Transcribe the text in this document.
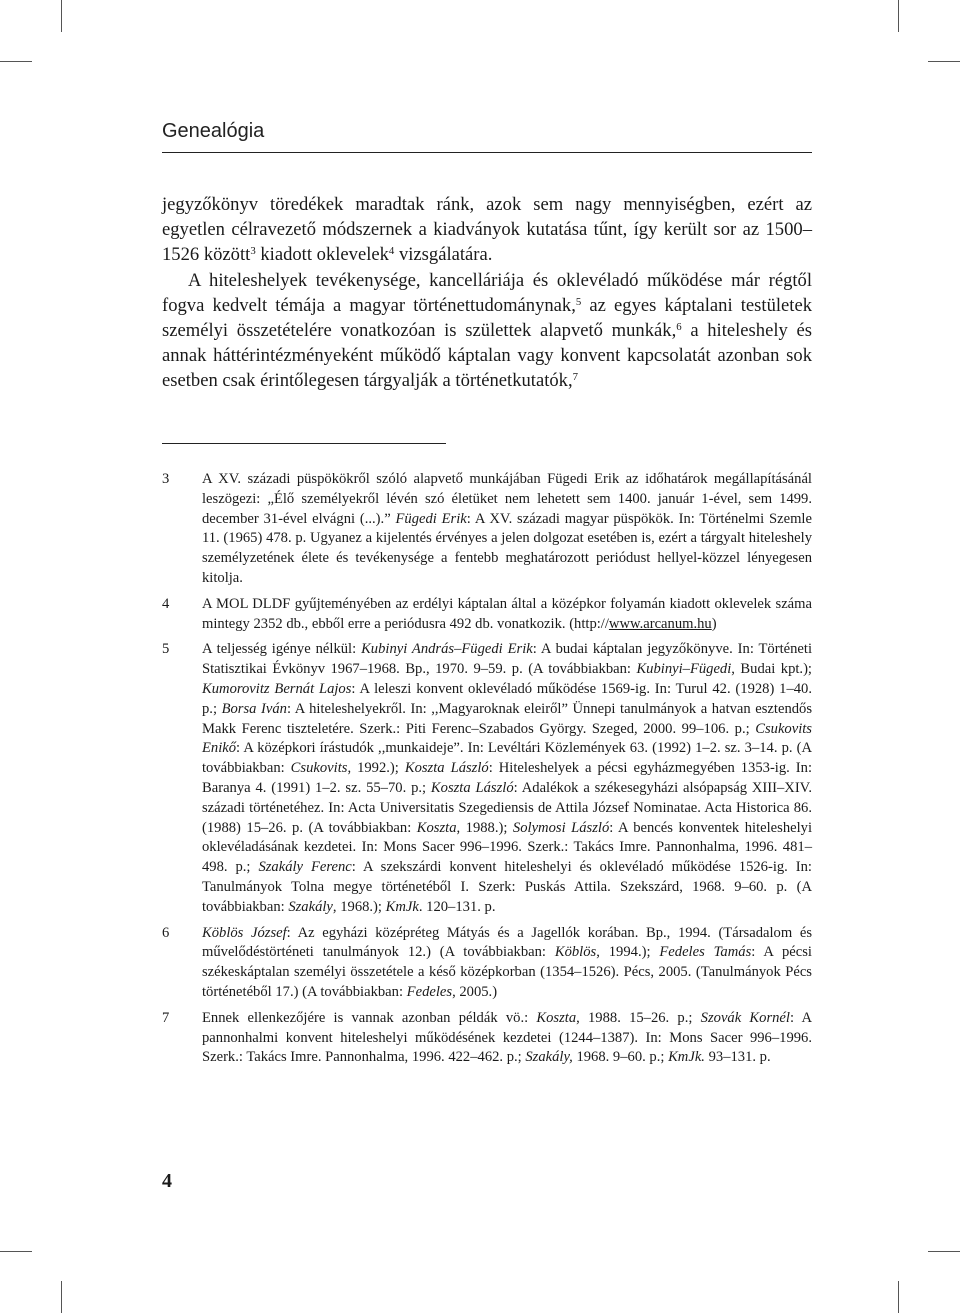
Genealógia

jegyzőkönyv töredékek maradtak ránk, azok sem nagy mennyiségben, ezért az egyetlen célravezető módszernek a kiadványok kutatása tűnt, így került sor az 1500–1526 között$^3$ kiadott oklevelek$^4$ vizsgálatára.

A hiteleshelyek tevékenysége, kancelláriája és oklevéladó működése már régtől fogva kedvelt témája a magyar történettudománynak,$^5$ az egyes káptalani testületek személyi összetételére vonatkozóan is születtek alapvető munkák,$^6$ a hiteleshely és annak háttérintézményeként működő káptalan vagy konvent kapcsolatát azonban sok esetben csak érintőlegesen tárgyalják a történetkutatók,$^7$

3	A XV. századi püspökökről szóló alapvető munkájában Fügedi Erik az időhatárok megállapításánál leszögezi: „Élő személyekről lévén szó életüket nem lehetett sem 1400. január 1-ével, sem 1499. december 31-ével elvágni (...).” Fügedi Erik: A XV. századi magyar püspökök. In: Történelmi Szemle 11. (1965) 478. p. Ugyanez a kijelentés érvényes a jelen dolgozat esetében is, ezért a tárgyalt hiteleshely személyzetének élete és tevékenysége a fentebb meghatározott periódust hellyel-közzel lényegesen kitolja.
4	A MOL DLDF gyűjteményében az erdélyi káptalan által a középkor folyamán kiadott oklevelek száma mintegy 2352 db., ebből erre a periódusra 492 db. vonatkozik. (http://www.arcanum.hu)
5	A teljesség igénye nélkül: Kubinyi András–Fügedi Erik: A budai káptalan jegyzőkönyve. In: Történeti Statisztikai Évkönyv 1967–1968. Bp., 1970. 9–59. p. (A továbbiakban: Kubinyi–Fügedi, Budai kpt.); Kumorovitz Bernát Lajos: A leleszi konvent oklevéladó működése 1569-ig. In: Turul 42. (1928) 1–40. p.; Borsa Iván: A hiteleshelyekről. In: ,,Magyaroknak eleiről” Ünnepi tanulmányok a hatvan esztendős Makk Ferenc tiszteletére. Szerk.: Piti Ferenc–Szabados György. Szeged, 2000. 99–106. p.; Csukovits Enikő: A középkori írástudók ,,munkaideje”. In: Levéltári Közlemények 63. (1992) 1–2. sz. 3–14. p. (A továbbiakban: Csukovits, 1992.); Koszta László: Hiteleshelyek a pécsi egyházmegyében 1353-ig. In: Baranya 4. (1991) 1–2. sz. 55–70. p.; Koszta László: Adalékok a székesegyházi alsópapság XIII–XIV. századi történetéhez. In: Acta Universitatis Szegediensis de Attila József Nominatae. Acta Historica 86. (1988) 15–26. p. (A továbbiakban: Koszta, 1988.); Solymosi László: A bencés konventek hiteleshelyi oklevéladásának kezdetei. In: Mons Sacer 996–1996. Szerk.: Takács Imre. Pannonhalma, 1996. 481–498. p.; Szakály Ferenc: A szekszárdi konvent hiteleshelyi és oklevéladó működése 1526-ig. In: Tanulmányok Tolna megye történetéből I. Szerk: Puskás Attila. Szekszárd, 1968. 9–60. p. (A továbbiakban: Szakály, 1968.); KmJk. 120–131. p.
6	Köblös József: Az egyházi középréteg Mátyás és a Jagellók korában. Bp., 1994. (Társadalom és művelődéstörténeti tanulmányok 12.) (A továbbiakban: Köblös, 1994.); Fedeles Tamás: A pécsi székeskáptalan személyi összetétele a késő középkorban (1354–1526). Pécs, 2005. (Tanulmányok Pécs történetéből 17.) (A továbbiakban: Fedeles, 2005.)
7	Ennek ellenkezőjére is vannak azonban példák vö.: Koszta, 1988. 15–26. p.; Szovák Kornél: A pannonhalmi konvent hiteleshelyi működésének kezdetei (1244–1387). In: Mons Sacer 996–1996. Szerk.: Takács Imre. Pannonhalma, 1996. 422–462. p.; Szakály, 1968. 9–60. p.; KmJk. 93–131. p.
4
